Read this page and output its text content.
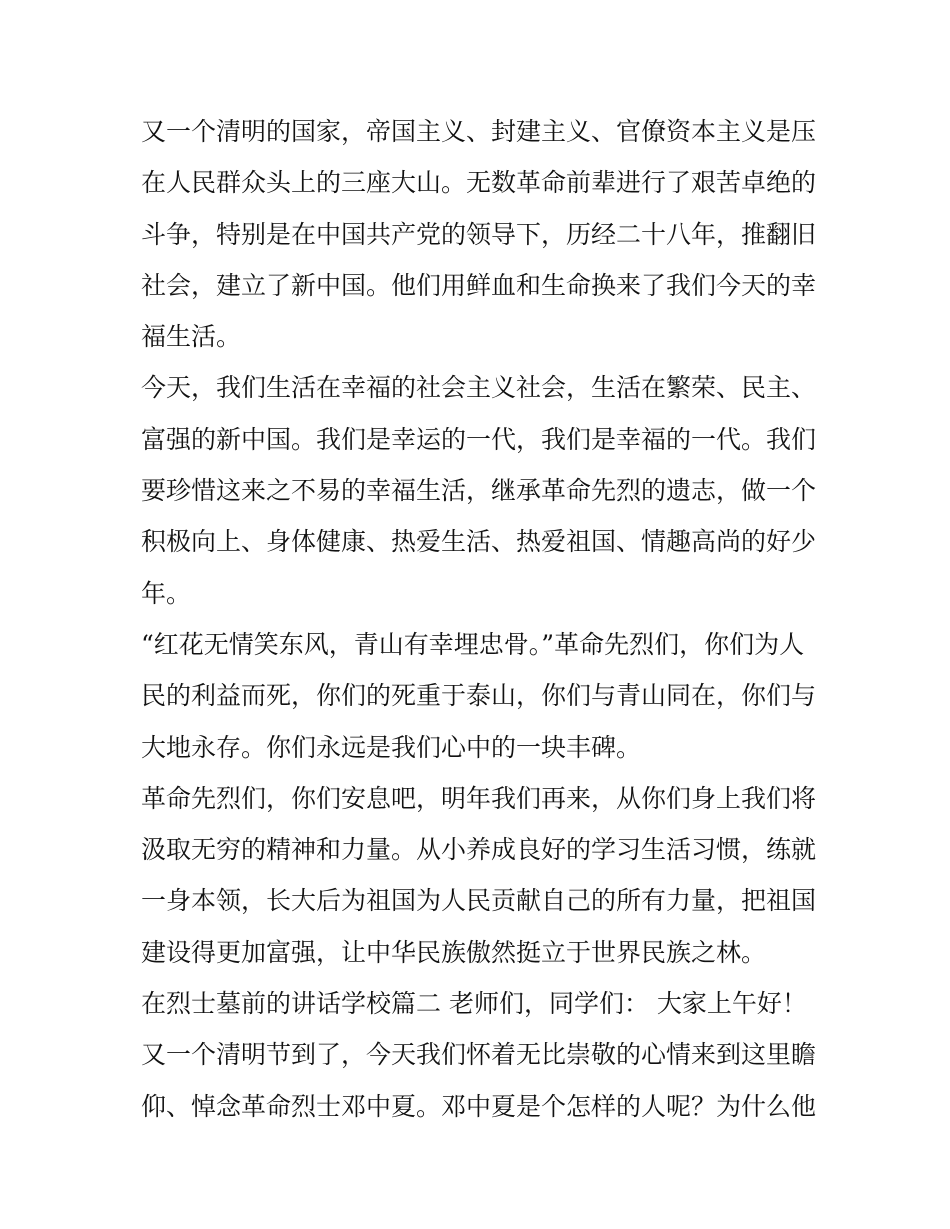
又一个清明的国家，帝国主义、封建主义、官僚资本主义是压
在人民群众头上的三座大山。无数革命前辈进行了艰苦卓绝的
斗争，特别是在中国共产党的领导下，历经二十八年，推翻旧
社会，建立了新中国。他们用鲜血和生命换来了我们今天的幸
福生活。
今天，我们生活在幸福的社会主义社会，生活在繁荣、民主、
富强的新中国。我们是幸运的一代，我们是幸福的一代。我们
要珍惜这来之不易的幸福生活，继承革命先烈的遗志，做一个
积极向上、身体健康、热爱生活、热爱祖国、情趣高尚的好少
年。
“红花无情笑东风，青山有幸埋忠骨。”革命先烈们，你们为人
民的利益而死，你们的死重于泰山，你们与青山同在，你们与
大地永存。你们永远是我们心中的一块丰碑。
革命先烈们，你们安息吧，明年我们再来，从你们身上我们将
汲取无穷的精神和力量。从小养成良好的学习生活习惯，练就
一身本领，长大后为祖国为人民贡献自己的所有力量，把祖国
建设得更加富强，让中华民族傲然挺立于世界民族之林。
在烈士墓前的讲话学校篇二 老师们，同学们： 大家上午好！
又一个清明节到了，今天我们怀着无比崇敬的心情来到这里瞻
仰、悼念革命烈士邓中夏。邓中夏是个怎样的人呢？为什么他
